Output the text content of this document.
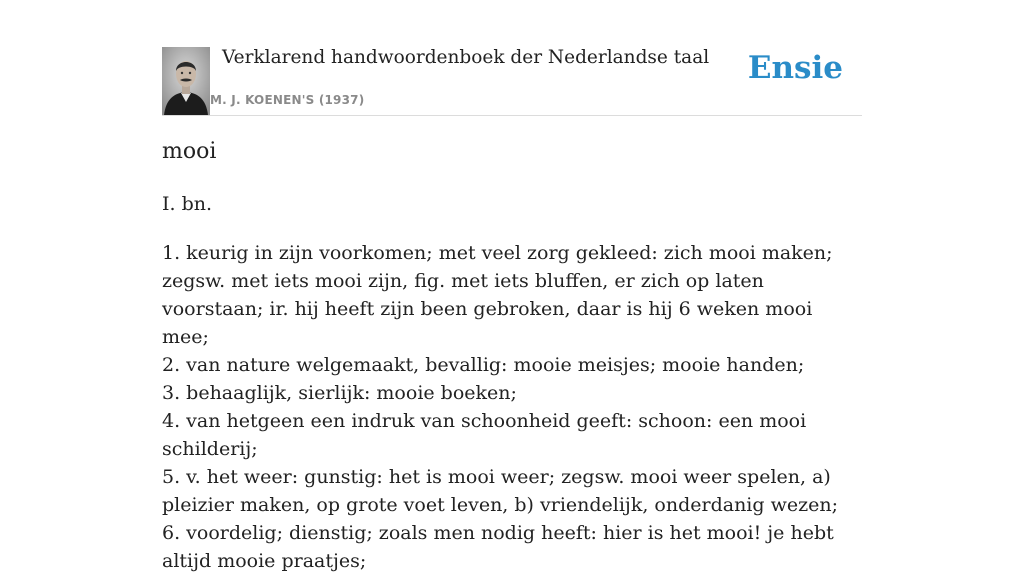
Verklarend handwoordenboek der Nederlandse taal
M. J. KOENEN'S (1937)
Ensie
mooi
I. bn.
1. keurig in zijn voorkomen; met veel zorg gekleed: zich mooi maken; zegsw. met iets mooi zijn, fig. met iets bluffen, er zich op laten voorstaan; ir. hij heeft zijn been gebroken, daar is hij 6 weken mooi mee;
2. van nature welgemaakt, bevallig: mooie meisjes; mooie handen;
3. behaaglijk, sierlijk: mooie boeken;
4. van hetgeen een indruk van schoonheid geeft: schoon: een mooi schilderij;
5. v. het weer: gunstig: het is mooi weer; zegsw. mooi weer spelen, a) pleizier maken, op grote voet leven, b) vriendelijk, onderdanig wezen;
6. voordelig; dienstig; zoals men nodig heeft: hier is het mooi! je hebt altijd mooie praatjes;
